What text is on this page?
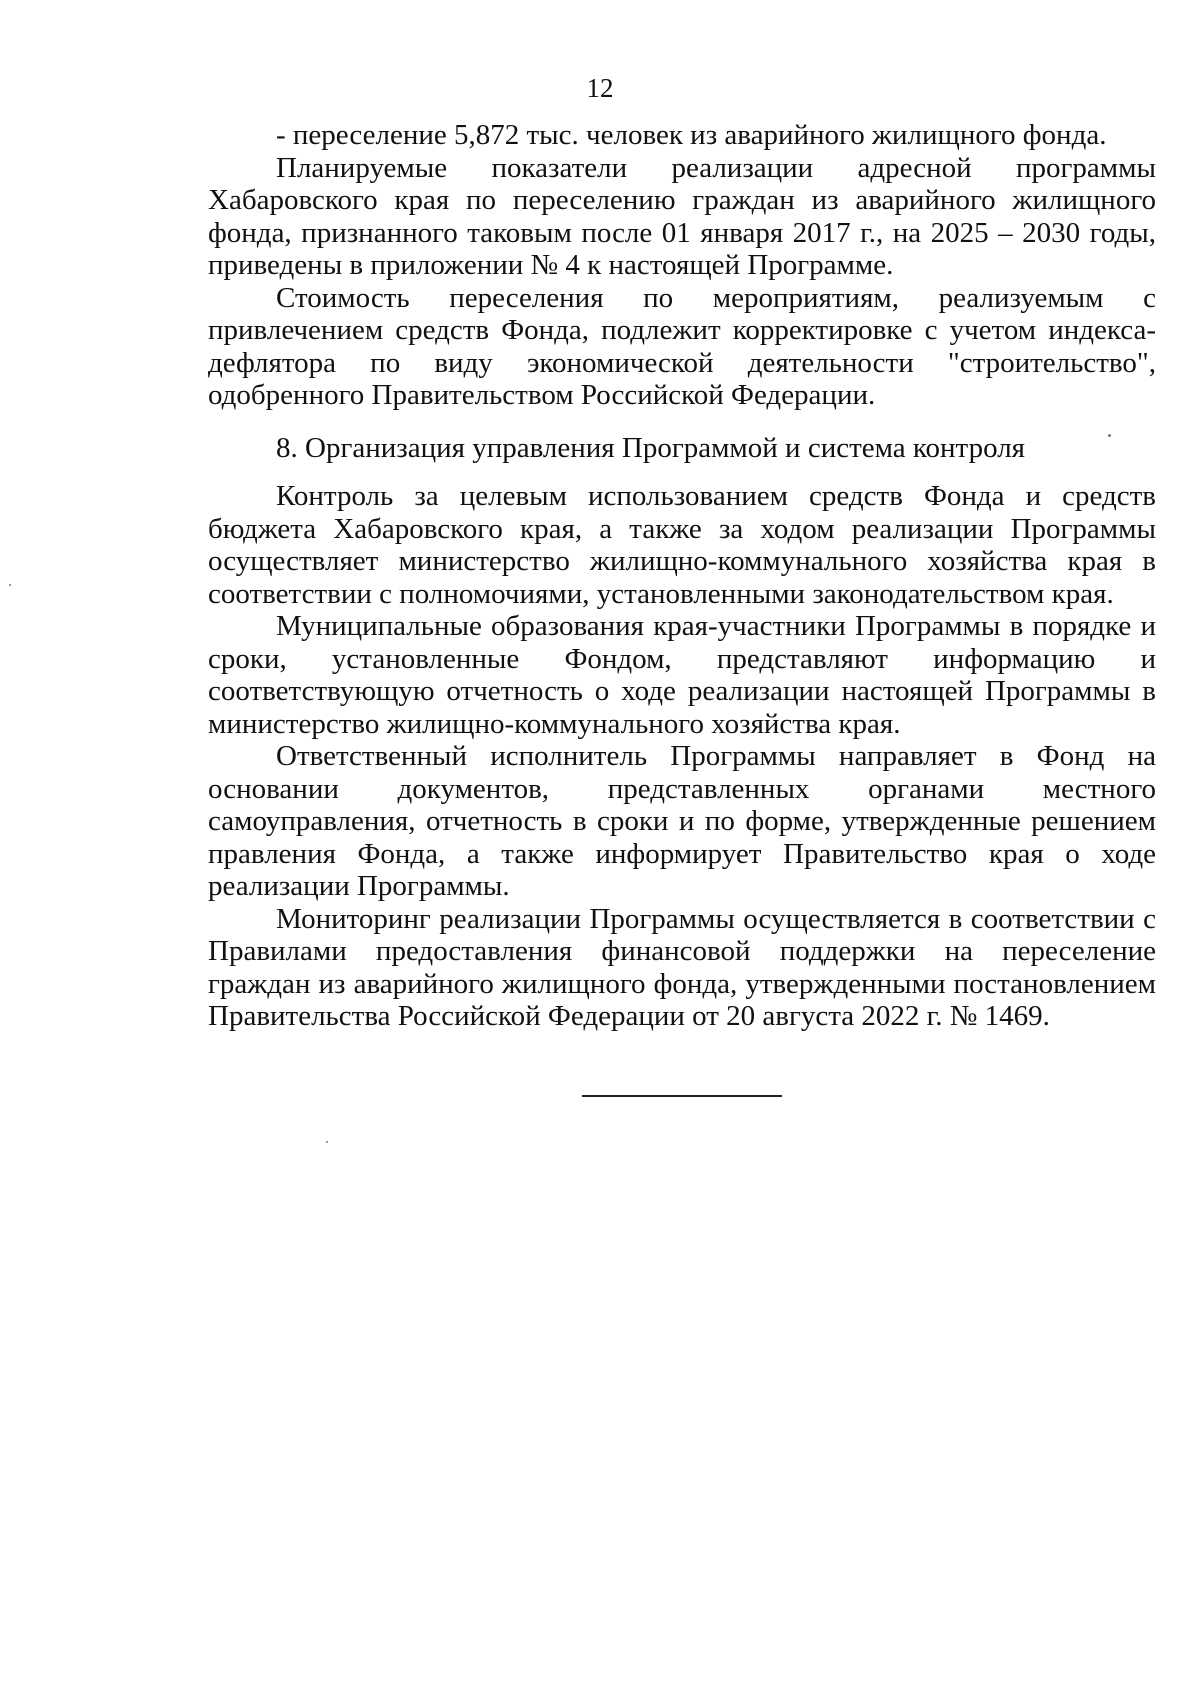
12

- переселение 5,872 тыс. человек из аварийного жилищного фонда.

Планируемые показатели реализации адресной программы Хабаровского края по переселению граждан из аварийного жилищного фонда, признанного таковым после 01 января 2017 г., на 2025 – 2030 годы, приведены в приложении № 4 к настоящей Программе.

Стоимость переселения по мероприятиям, реализуемым с привлечением средств Фонда, подлежит корректировке с учетом индекса-дефлятора по виду экономической деятельности "строительство", одобренного Правительством Российской Федерации.

8. Организация управления Программой и система контроля

Контроль за целевым использованием средств Фонда и средств бюджета Хабаровского края, а также за ходом реализации Программы осуществляет министерство жилищно-коммунального хозяйства края в соответствии с полномочиями, установленными законодательством края.

Муниципальные образования края-участники Программы в порядке и сроки, установленные Фондом, представляют информацию и соответствующую отчетность о ходе реализации настоящей Программы в министерство жилищно-коммунального хозяйства края.

Ответственный исполнитель Программы направляет в Фонд на основании документов, представленных органами местного самоуправления, отчетность в сроки и по форме, утвержденные решением правления Фонда, а также информирует Правительство края о ходе реализации Программы.

Мониторинг реализации Программы осуществляется в соответствии с Правилами предоставления финансовой поддержки на переселение граждан из аварийного жилищного фонда, утвержденными постановлением Правительства Российской Федерации от 20 августа 2022 г. № 1469.
